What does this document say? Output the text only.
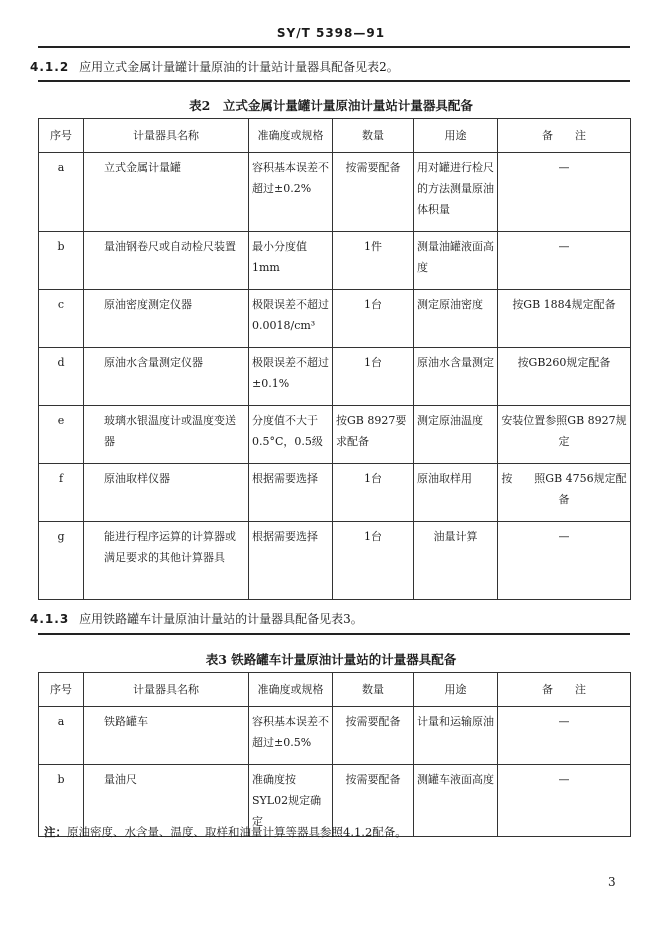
SY/T 5398—91
4.1.2 应用立式金属计量罐计量原油的计量站计量器具配备见表2。
表2　立式金属计量罐计量原油计量站计量器具配备
序号	计量器具名称	准确度或规格	数量	用途	备　　注
a	立式金属计量罐	容积基本误差不超过±0.2%	按需要配备	用对罐进行检尺的方法测量原油体积量	—
b	量油钢卷尺或自动检尺装置	最小分度值1mm	1件	测量油罐液面高度	—
c	原油密度测定仪器	极限误差不超过0.0018/cm³	1台	测定原油密度	按GB 1884规定配备
d	原油水含量测定仪器	极限误差不超过±0.1%	1台	原油水含量测定	按GB260规定配备
e	玻璃水银温度计或温度变送器	分度值不大于0.5°C，0.5级	按GB 8927要求配备	测定原油温度	安装位置参照GB 8927规定
f	原油取样仪器	根据需要选择	1台	原油取样用	按　　照GB 4756规定配备
g	能进行程序运算的计算器或满足要求的其他计算器具	根据需要选择	1台	油量计算	—
4.1.3 应用铁路罐车计量原油计量站的计量器具配备见表3。
表3 铁路罐车计量原油计量站的计量器具配备
序号	计量器具名称	准确度或规格	数量	用途	备　　注
a	铁路罐车	容积基本误差不超过±0.5%	按需要配备	计量和运输原油	—
b	量油尺	准确度按SYL02规定确定	按需要配备	测罐车液面高度	—
注：原油密度、水含量、温度、取样和油量计算等器具参照4.1.2配备。
3
